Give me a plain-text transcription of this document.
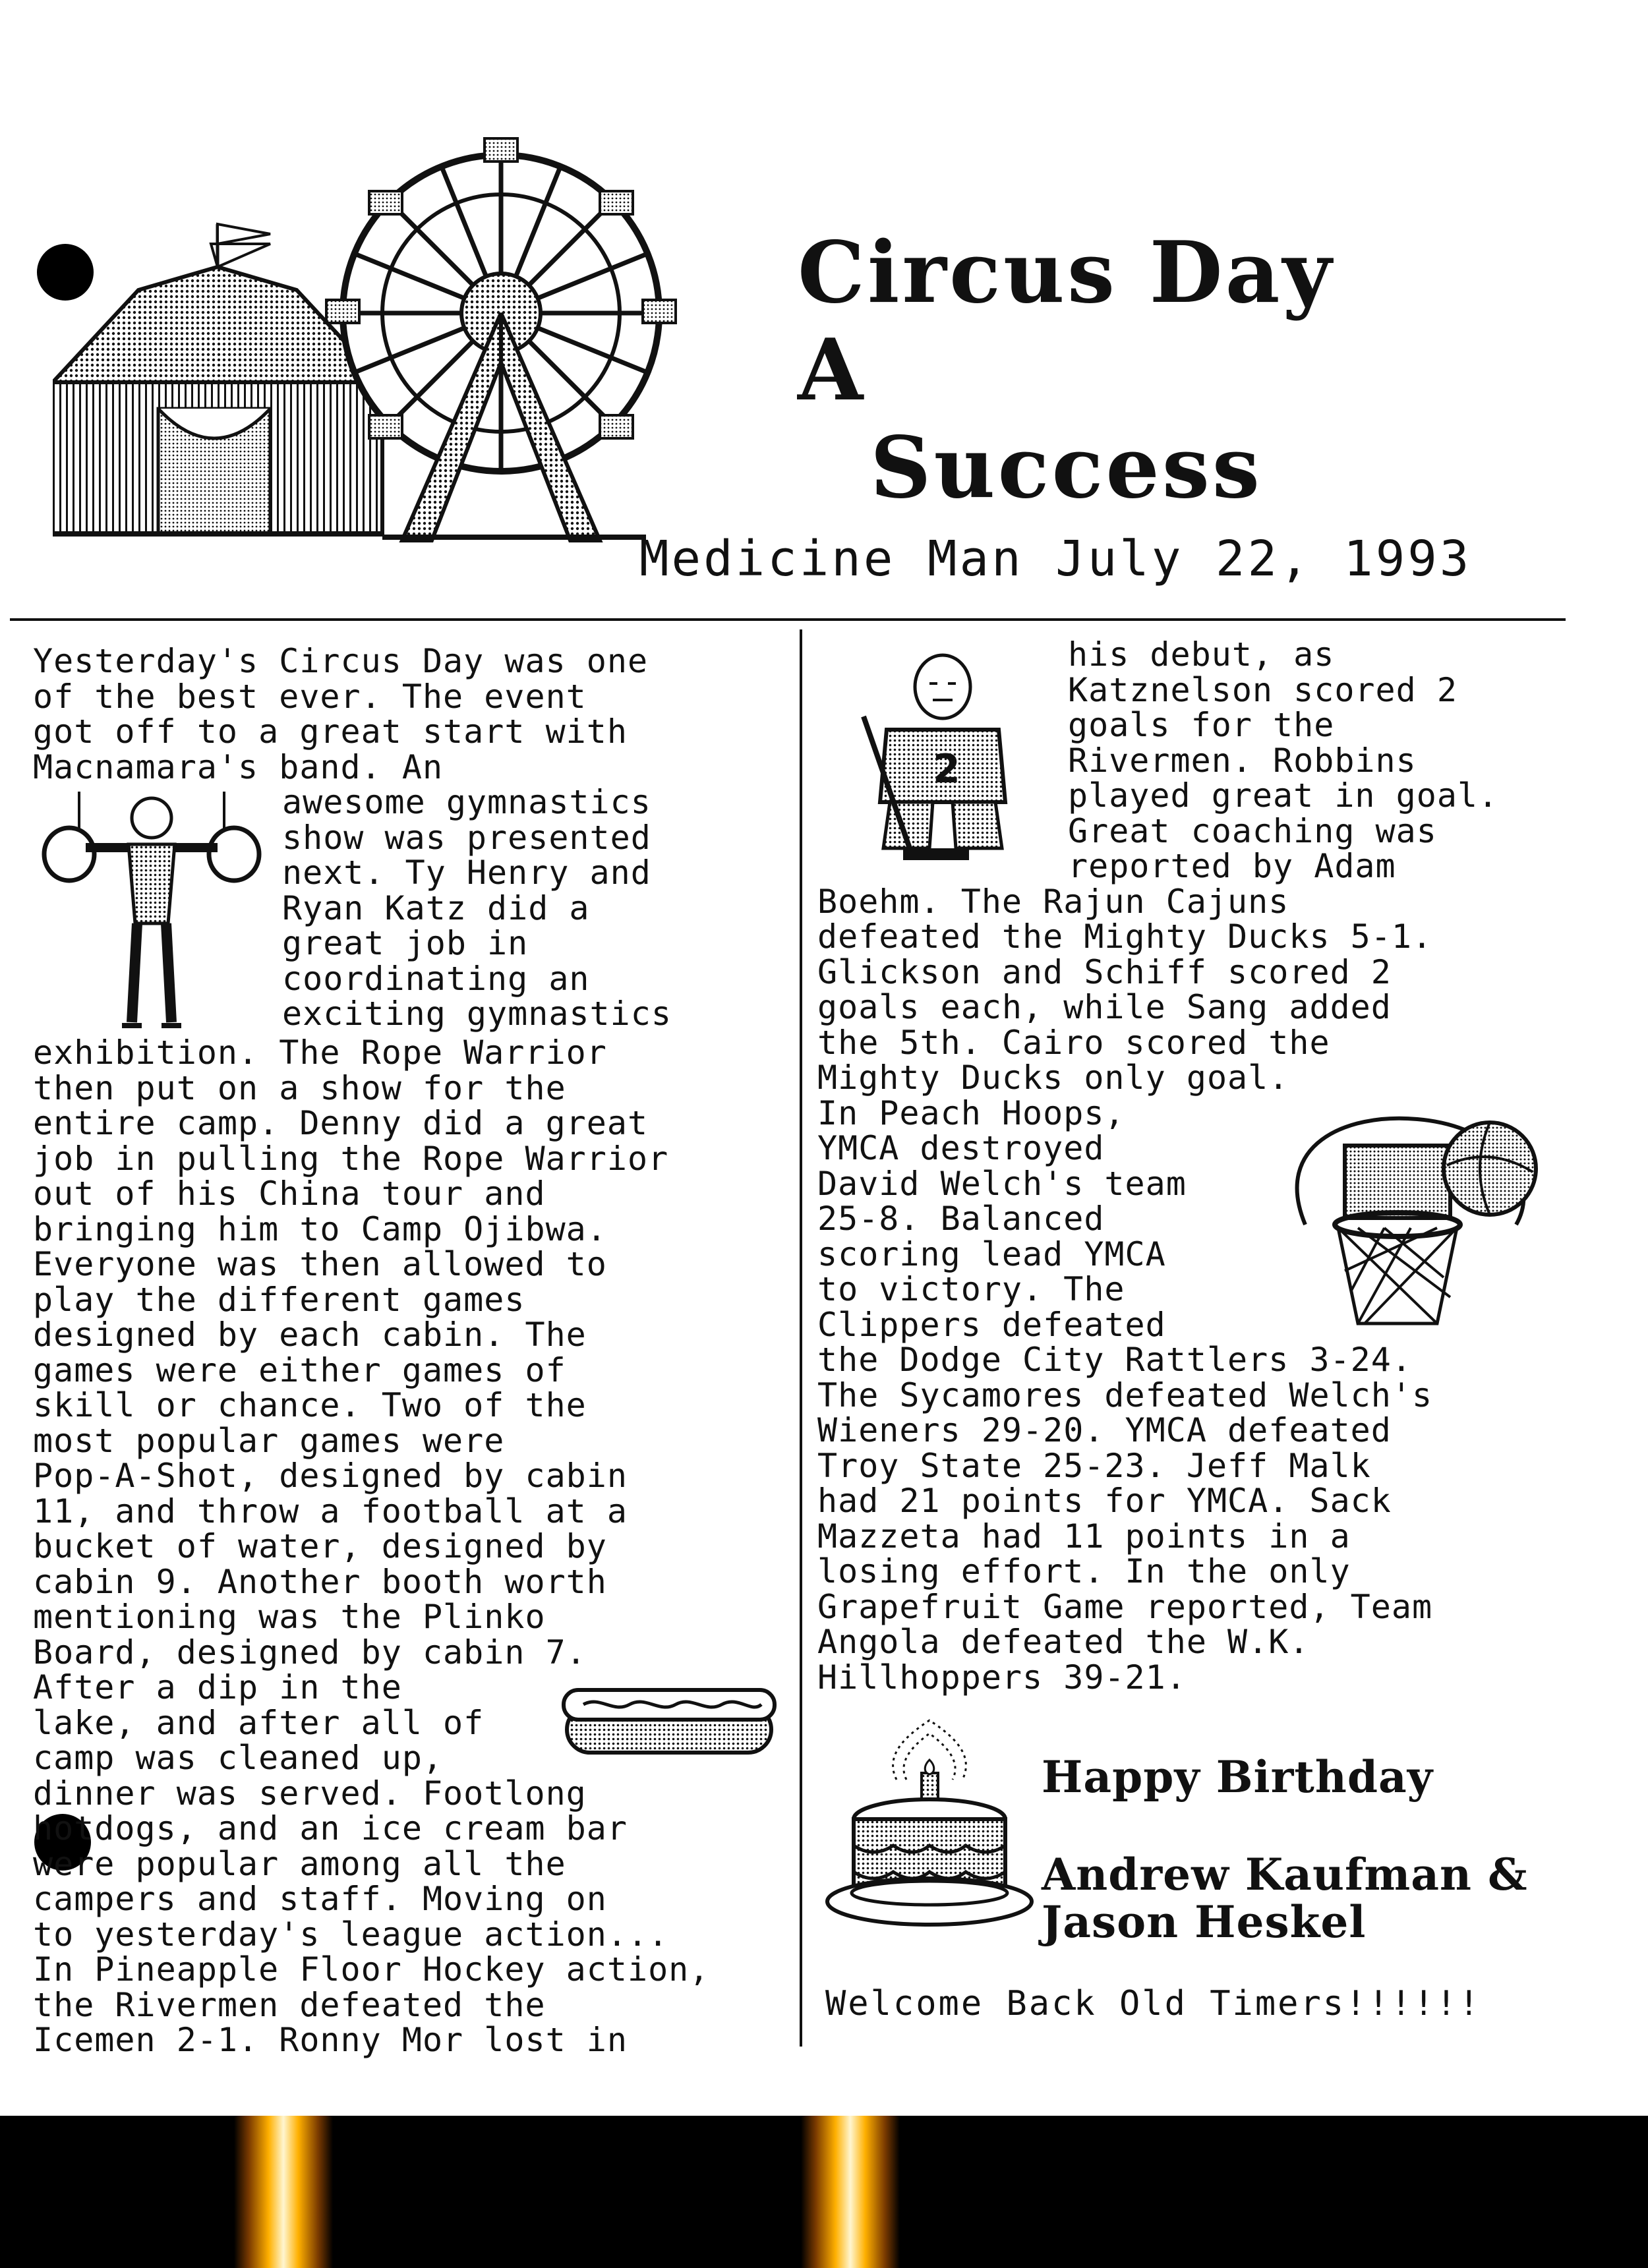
Circus Day A
Success
Medicine Man July 22, 1993

Yesterday's Circus Day was one
of the best ever. The event
got off to a great start with
Macnamara's band. An

awesome gymnastics
show was presented
next. Ty Henry and
Ryan Katz did a
great job in
coordinating an
exciting gymnastics

exhibition. The Rope Warrior
then put on a show for the
entire camp. Denny did a great
job in pulling the Rope Warrior
out of his China tour and
bringing him to Camp Ojibwa.
Everyone was then allowed to
play the different games
designed by each cabin. The
games were either games of
skill or chance. Two of the
most popular games were
Pop-A-Shot, designed by cabin
11, and throw a football at a
bucket of water, designed by
cabin 9. Another booth worth
mentioning was the Plinko
Board, designed by cabin 7.

After a dip in the
lake, and after all of
camp was cleaned up,

dinner was served. Footlong
hotdogs, and an ice cream bar
were popular among all the
campers and staff. Moving on
to yesterday's league action...
In Pineapple Floor Hockey action,
the Rivermen defeated the
Icemen 2-1. Ronny Mor lost in

2

his debut, as
Katznelson scored 2
goals for the
Rivermen. Robbins
played great in goal.
Great coaching was
reported by Adam

Boehm. The Rajun Cajuns
defeated the Mighty Ducks 5-1.
Glickson and Schiff scored 2
goals each, while Sang added
the 5th. Cairo scored the
Mighty Ducks only goal.

In Peach Hoops,
YMCA destroyed
David Welch's team
25-8. Balanced
scoring lead YMCA
to victory. The
Clippers defeated

the Dodge City Rattlers 3-24.
The Sycamores defeated Welch's
Wieners 29-20. YMCA defeated
Troy State 25-23. Jeff Malk
had 21 points for YMCA. Sack
Mazzeta had 11 points in a
losing effort. In the only
Grapefruit Game reported, Team
Angola defeated the W.K.
Hillhoppers 39-21.

Happy Birthday
Andrew Kaufman &
Jason Heskel
Welcome Back Old Timers!!!!!!
